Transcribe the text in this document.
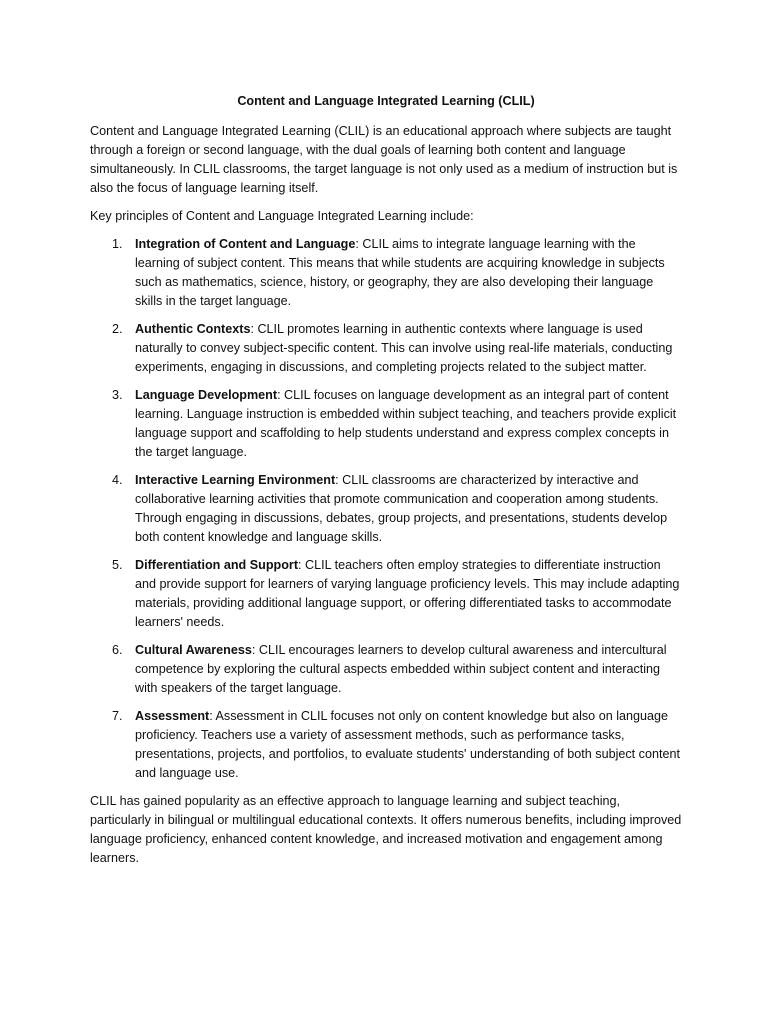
Content and Language Integrated Learning (CLIL)

Content and Language Integrated Learning (CLIL) is an educational approach where subjects are taught through a foreign or second language, with the dual goals of learning both content and language simultaneously. In CLIL classrooms, the target language is not only used as a medium of instruction but is also the focus of language learning itself.

Key principles of Content and Language Integrated Learning include:

1. Integration of Content and Language: CLIL aims to integrate language learning with the learning of subject content. This means that while students are acquiring knowledge in subjects such as mathematics, science, history, or geography, they are also developing their language skills in the target language.
2. Authentic Contexts: CLIL promotes learning in authentic contexts where language is used naturally to convey subject-specific content. This can involve using real-life materials, conducting experiments, engaging in discussions, and completing projects related to the subject matter.
3. Language Development: CLIL focuses on language development as an integral part of content learning. Language instruction is embedded within subject teaching, and teachers provide explicit language support and scaffolding to help students understand and express complex concepts in the target language.
4. Interactive Learning Environment: CLIL classrooms are characterized by interactive and collaborative learning activities that promote communication and cooperation among students. Through engaging in discussions, debates, group projects, and presentations, students develop both content knowledge and language skills.
5. Differentiation and Support: CLIL teachers often employ strategies to differentiate instruction and provide support for learners of varying language proficiency levels. This may include adapting materials, providing additional language support, or offering differentiated tasks to accommodate learners' needs.
6. Cultural Awareness: CLIL encourages learners to develop cultural awareness and intercultural competence by exploring the cultural aspects embedded within subject content and interacting with speakers of the target language.
7. Assessment: Assessment in CLIL focuses not only on content knowledge but also on language proficiency. Teachers use a variety of assessment methods, such as performance tasks, presentations, projects, and portfolios, to evaluate students' understanding of both subject content and language use.

CLIL has gained popularity as an effective approach to language learning and subject teaching, particularly in bilingual or multilingual educational contexts. It offers numerous benefits, including improved language proficiency, enhanced content knowledge, and increased motivation and engagement among learners.
